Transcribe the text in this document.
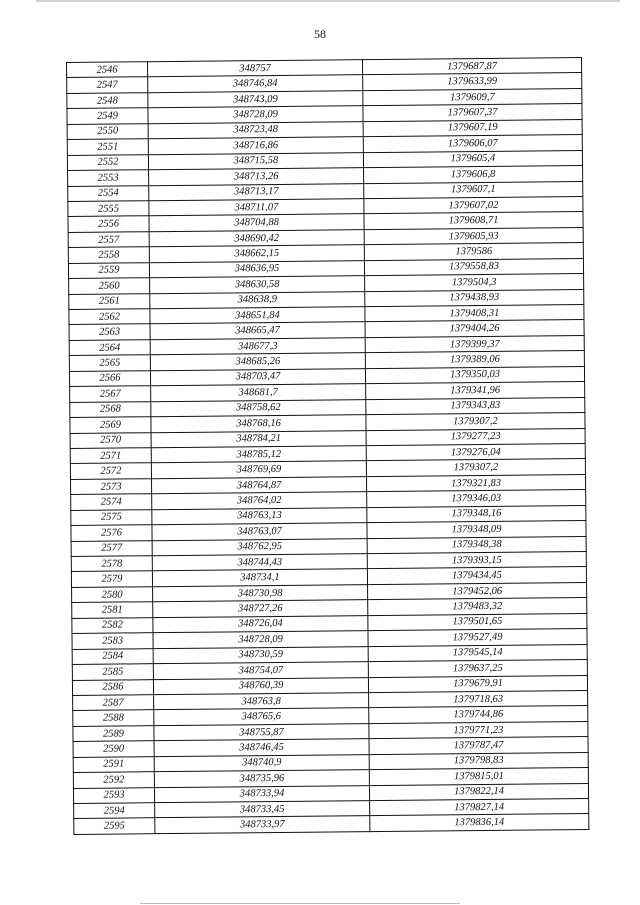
58
2546	348757	1379687,87
2547	348746,84	1379633,99
2548	348743,09	1379609,7
2549	348728,09	1379607,37
2550	348723,48	1379607,19
2551	348716,86	1379606,07
2552	348715,58	1379605,4
2553	348713,26	1379606,8
2554	348713,17	1379607,1
2555	348711,07	1379607,02
2556	348704,88	1379608,71
2557	348690,42	1379605,93
2558	348662,15	1379586
2559	348636,95	1379558,83
2560	348630,58	1379504,3
2561	348638,9	1379438,93
2562	348651,84	1379408,31
2563	348665,47	1379404,26
2564	348677,3	1379399,37
2565	348685,26	1379389,06
2566	348703,47	1379350,03
2567	348681,7	1379341,96
2568	348758,62	1379343,83
2569	348768,16	1379307,2
2570	348784,21	1379277,23
2571	348785,12	1379276,04
2572	348769,69	1379307,2
2573	348764,87	1379321,83
2574	348764,02	1379346,03
2575	348763,13	1379348,16
2576	348763,07	1379348,09
2577	348762,95	1379348,38
2578	348744,43	1379393,15
2579	348734,1	1379434,45
2580	348730,98	1379452,06
2581	348727,26	1379483,32
2582	348726,04	1379501,65
2583	348728,09	1379527,49
2584	348730,59	1379545,14
2585	348754,07	1379637,25
2586	348760,39	1379679,91
2587	348763,8	1379718,63
2588	348765,6	1379744,86
2589	348755,87	1379771,23
2590	348746,45	1379787,47
2591	348740,9	1379798,83
2592	348735,96	1379815,01
2593	348733,94	1379822,14
2594	348733,45	1379827,14
2595	348733,97	1379836,14
